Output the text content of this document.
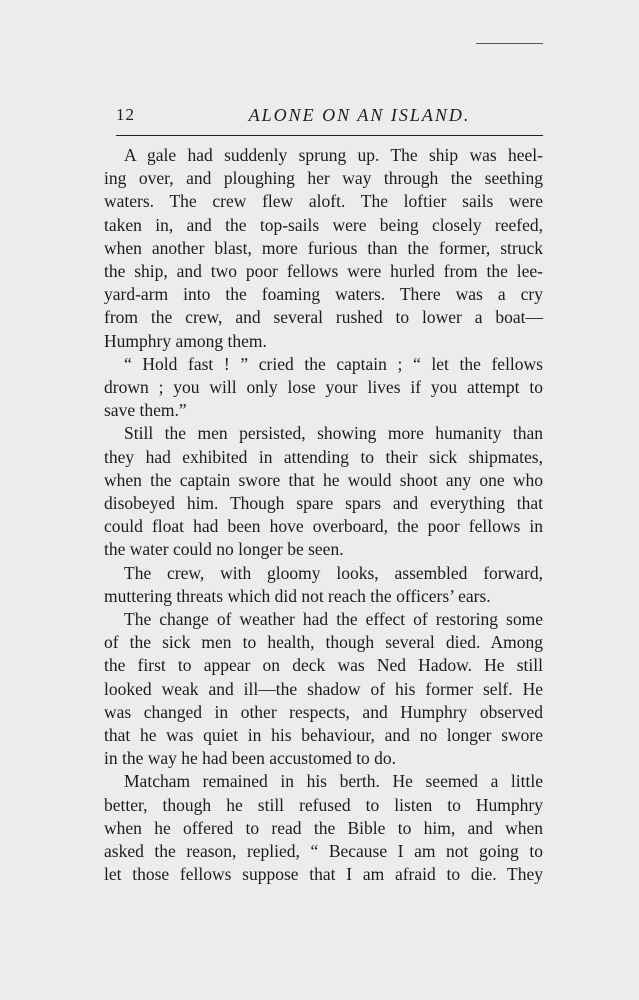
12	ALONE ON AN ISLAND.

A gale had suddenly sprung up. The ship was heel-
ing over, and ploughing her way through the seething
waters. The crew flew aloft. The loftier sails were
taken in, and the top-sails were being closely reefed,
when another blast, more furious than the former, struck
the ship, and two poor fellows were hurled from the lee-
yard-arm into the foaming waters. There was a cry
from the crew, and several rushed to lower a boat—
Humphry among them.

“ Hold fast ! ” cried the captain ; “ let the fellows
drown ; you will only lose your lives if you attempt to
save them.”

Still the men persisted, showing more humanity than
they had exhibited in attending to their sick shipmates,
when the captain swore that he would shoot any one who
disobeyed him. Though spare spars and everything that
could float had been hove overboard, the poor fellows in
the water could no longer be seen.

The crew, with gloomy looks, assembled forward,
muttering threats which did not reach the officers’ ears.

The change of weather had the effect of restoring some
of the sick men to health, though several died. Among
the first to appear on deck was Ned Hadow. He still
looked weak and ill—the shadow of his former self. He
was changed in other respects, and Humphry observed
that he was quiet in his behaviour, and no longer swore
in the way he had been accustomed to do.

Matcham remained in his berth. He seemed a little
better, though he still refused to listen to Humphry
when he offered to read the Bible to him, and when
asked the reason, replied, “ Because I am not going to
let those fellows suppose that I am afraid to die. They
